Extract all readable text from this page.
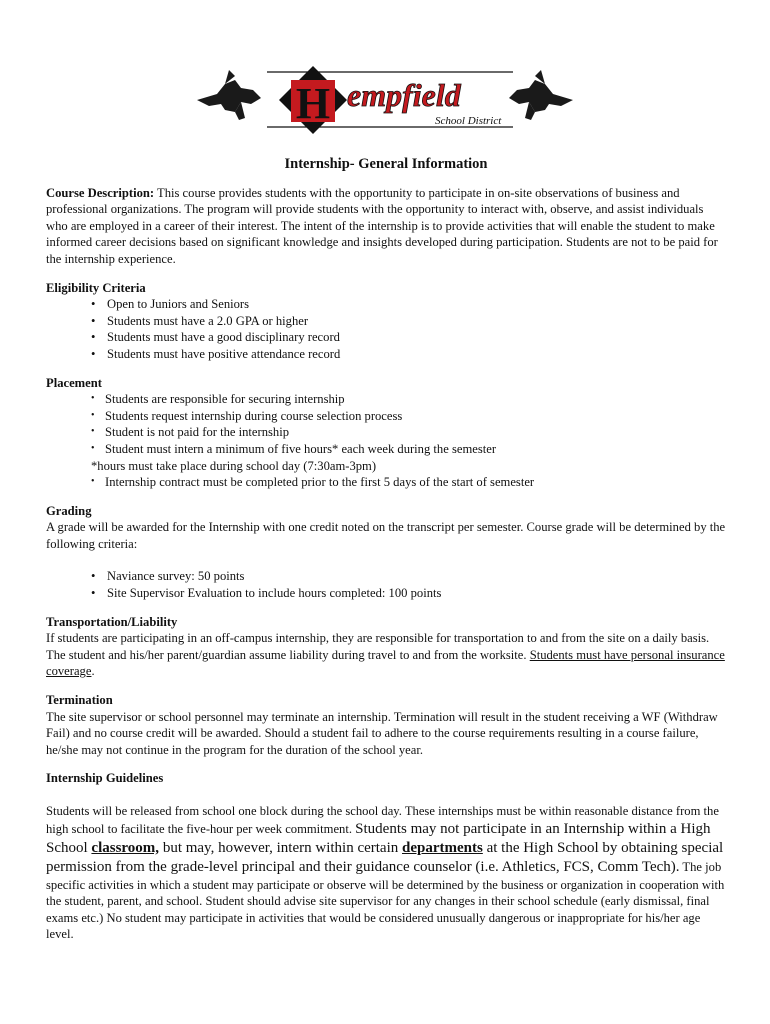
H empfield
School District

Internship- General Information

Course Description: This course provides students with the opportunity to participate in on-site observations of business and professional organizations. The program will provide students with the opportunity to interact with, observe, and assist individuals who are employed in a career of their interest. The intent of the internship is to provide activities that will enable the student to make informed career decisions based on significant knowledge and insights developed during participation. Students are not to be paid for the internship experience.

Eligibility Criteria

• Open to Juniors and Seniors
• Students must have a 2.0 GPA or higher
• Students must have a good disciplinary record
• Students must have positive attendance record

Placement

• Students are responsible for securing internship
• Students request internship during course selection process
• Student is not paid for the internship
• Student must intern a minimum of five hours* each week during the semester

*hours must take place during school day (7:30am-3pm)

• Internship contract must be completed prior to the first 5 days of the start of semester

Grading

A grade will be awarded for the Internship with one credit noted on the transcript per semester. Course grade will be determined by the following criteria:

• Naviance survey: 50 points
• Site Supervisor Evaluation to include hours completed: 100 points

Transportation/Liability

If students are participating in an off-campus internship, they are responsible for transportation to and from the site on a daily basis. The student and his/her parent/guardian assume liability during travel to and from the worksite. Students must have personal insurance coverage.

Termination

The site supervisor or school personnel may terminate an internship. Termination will result in the student receiving a WF (Withdraw Fail) and no course credit will be awarded. Should a student fail to adhere to the course requirements resulting in a course failure, he/she may not continue in the program for the duration of the school year.

Internship Guidelines

Students will be released from school one block during the school day. These internships must be within reasonable distance from the high school to facilitate the five-hour per week commitment. Students may not participate in an Internship within a High School classroom, but may, however, intern within certain departments at the High School by obtaining special permission from the grade-level principal and their guidance counselor (i.e. Athletics, FCS, Comm Tech). The job specific activities in which a student may participate or observe will be determined by the business or organization in cooperation with the student, parent, and school. Student should advise site supervisor for any changes in their school schedule (early dismissal, final exams etc.) No student may participate in activities that would be considered unusually dangerous or inappropriate for his/her age level.
